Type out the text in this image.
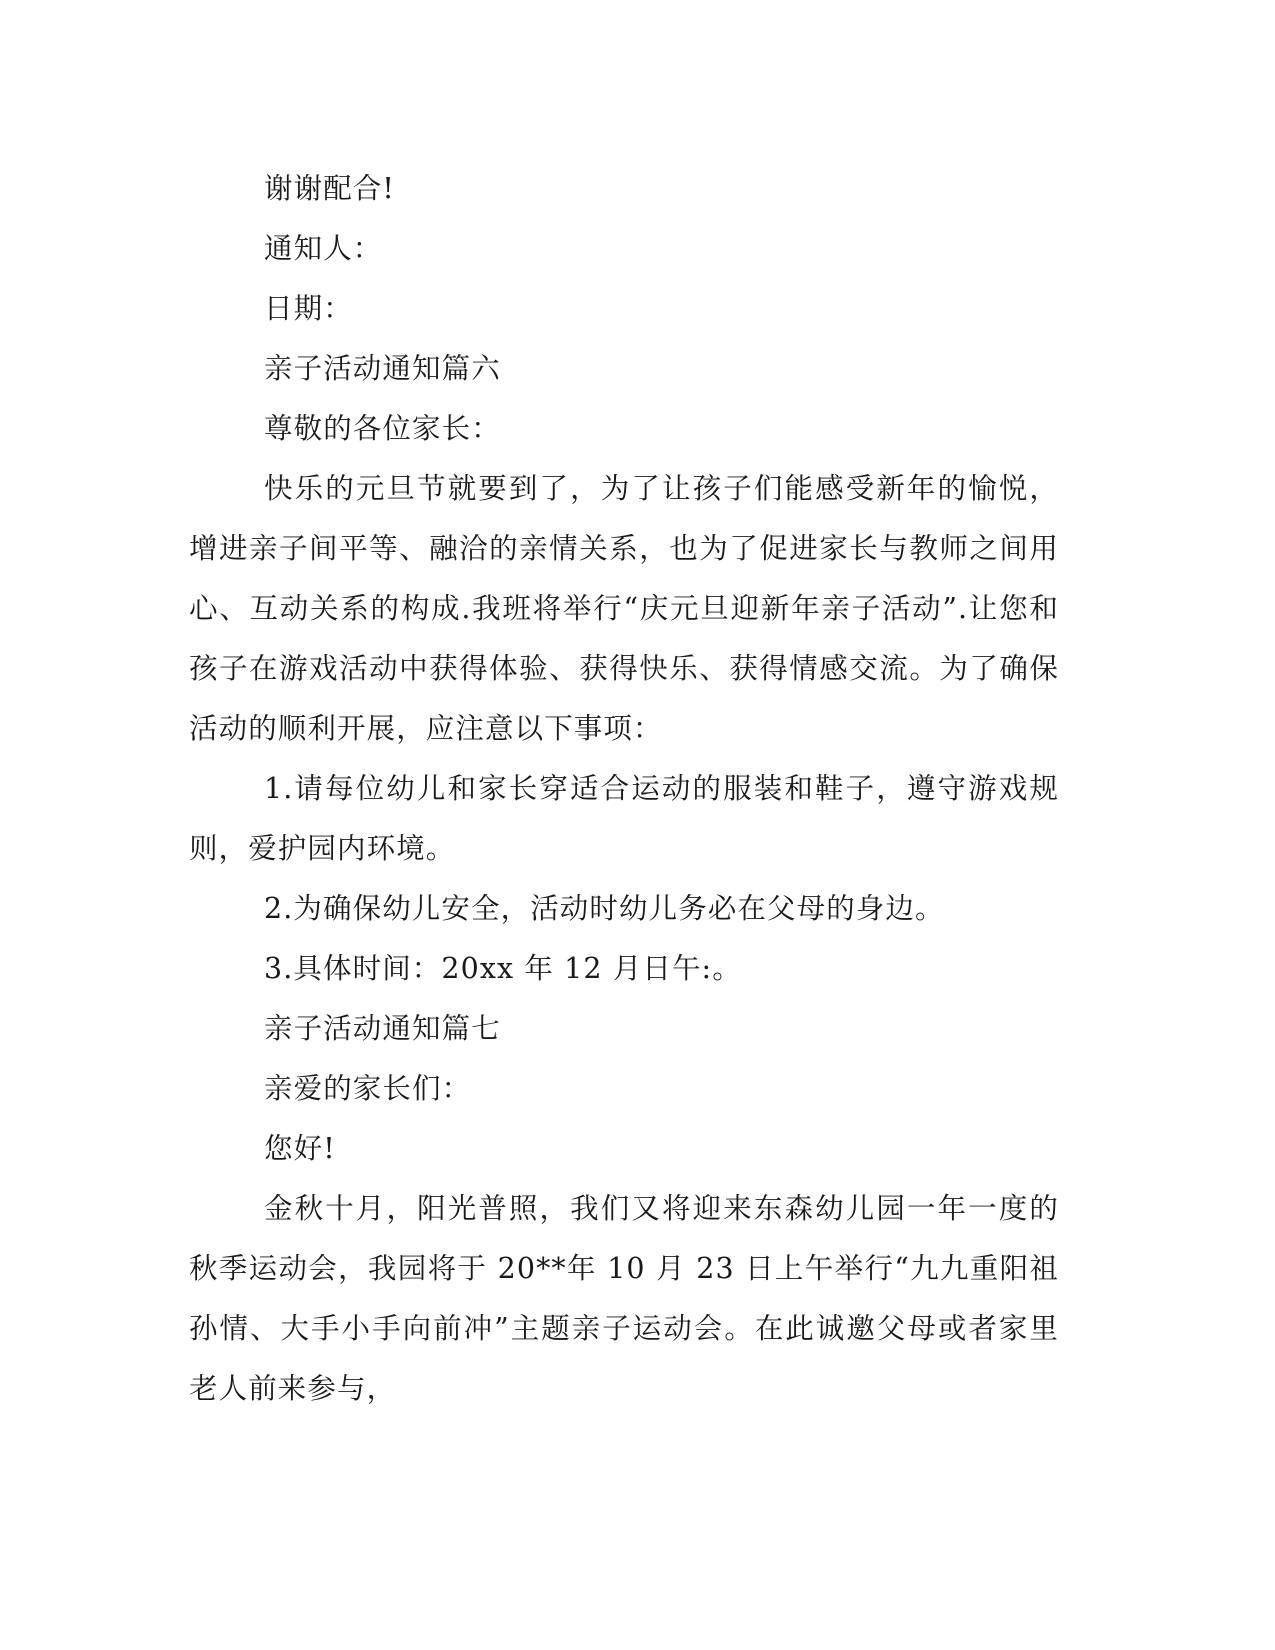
谢谢配合!

通知人：

日期：

亲子活动通知篇六

尊敬的各位家长：

快乐的元旦节就要到了，为了让孩子们能感受新年的愉悦，增进亲子间平等、融洽的亲情关系，也为了促进家长与教师之间用心、互动关系的构成.我班将举行“庆元旦迎新年亲子活动”.让您和孩子在游戏活动中获得体验、获得快乐、获得情感交流。为了确保活动的顺利开展，应注意以下事项：

1.请每位幼儿和家长穿适合运动的服装和鞋子，遵守游戏规则，爱护园内环境。

2.为确保幼儿安全，活动时幼儿务必在父母的身边。

3.具体时间：20xx 年 12 月日午:。

亲子活动通知篇七

亲爱的家长们：

您好!

金秋十月，阳光普照，我们又将迎来东森幼儿园一年一度的秋季运动会，我园将于 20**年 10 月 23 日上午举行“九九重阳祖孙情、大手小手向前冲”主题亲子运动会。在此诚邀父母或者家里老人前来参与，
